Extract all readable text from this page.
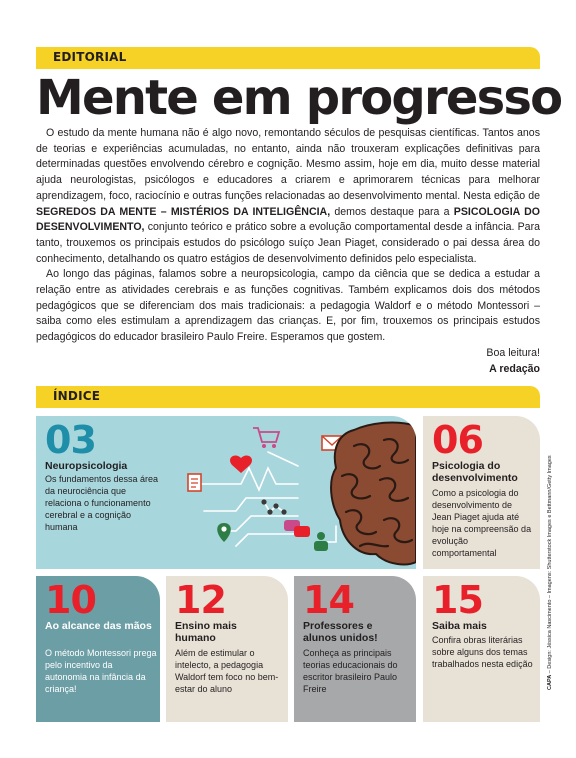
EDITORIAL
Mente em progresso

O estudo da mente humana não é algo novo, remontando séculos de pesquisas científicas. Tantos anos de teorias e experiências acumuladas, no entanto, ainda não trouxeram explicações definitivas para determinadas questões envolvendo cérebro e cognição. Mesmo assim, hoje em dia, muito desse material ajuda neurologistas, psicólogos e educadores a criarem e aprimorarem técnicas para melhorar aprendizagem, foco, raciocínio e outras funções relacionadas ao desenvolvimento mental. Nesta edição de SEGREDOS DA MENTE – MISTÉRIOS DA INTELIGÊNCIA, demos destaque para a PSICOLOGIA DO DESENVOLVIMENTO, conjunto teórico e prático sobre a evolução comportamental desde a infância. Para tanto, trouxemos os principais estudos do psicólogo suíço Jean Piaget, considerado o pai dessa área do conhecimento, detalhando os quatro estágios de desenvolvimento definidos pelo especialista.

Ao longo das páginas, falamos sobre a neuropsicologia, campo da ciência que se dedica a estudar a relação entre as atividades cerebrais e as funções cognitivas. Também explicamos dois dos métodos pedagógicos que se diferenciam dos mais tradicionais: a pedagogia Waldorf e o método Montessori – saiba como eles estimulam a aprendizagem das crianças. E, por fim, trouxemos os principais estudos pedagógicos do educador brasileiro Paulo Freire. Esperamos que gostem.

Boa leitura!
A redação
ÍNDICE
03
Neuropsicologia
Os fundamentos dessa área da neurociência que relaciona o funcionamento cerebral e a cognição humana
06
Psicologia do desenvolvimento
Como a psicologia do desenvolvimento de Jean Piaget ajuda até hoje na compreensão da evolução comportamental
10
Ao alcance das mãos
O método Montessori prega pelo incentivo da autonomia na infância da criança!
12
Ensino mais humano
Além de estimular o intelecto, a pedagogia Waldorf tem foco no bem-estar do aluno
14
Professores e alunos unidos!
Conheça as principais teorias educacionais do escritor brasileiro Paulo Freire
15
Saiba mais
Confira obras literárias sobre alguns dos temas trabalhados nesta edição
CAPA – Design: Jéssica Nascimento – Imagens: Shutterstock Images e Bettmann/Getty Images
